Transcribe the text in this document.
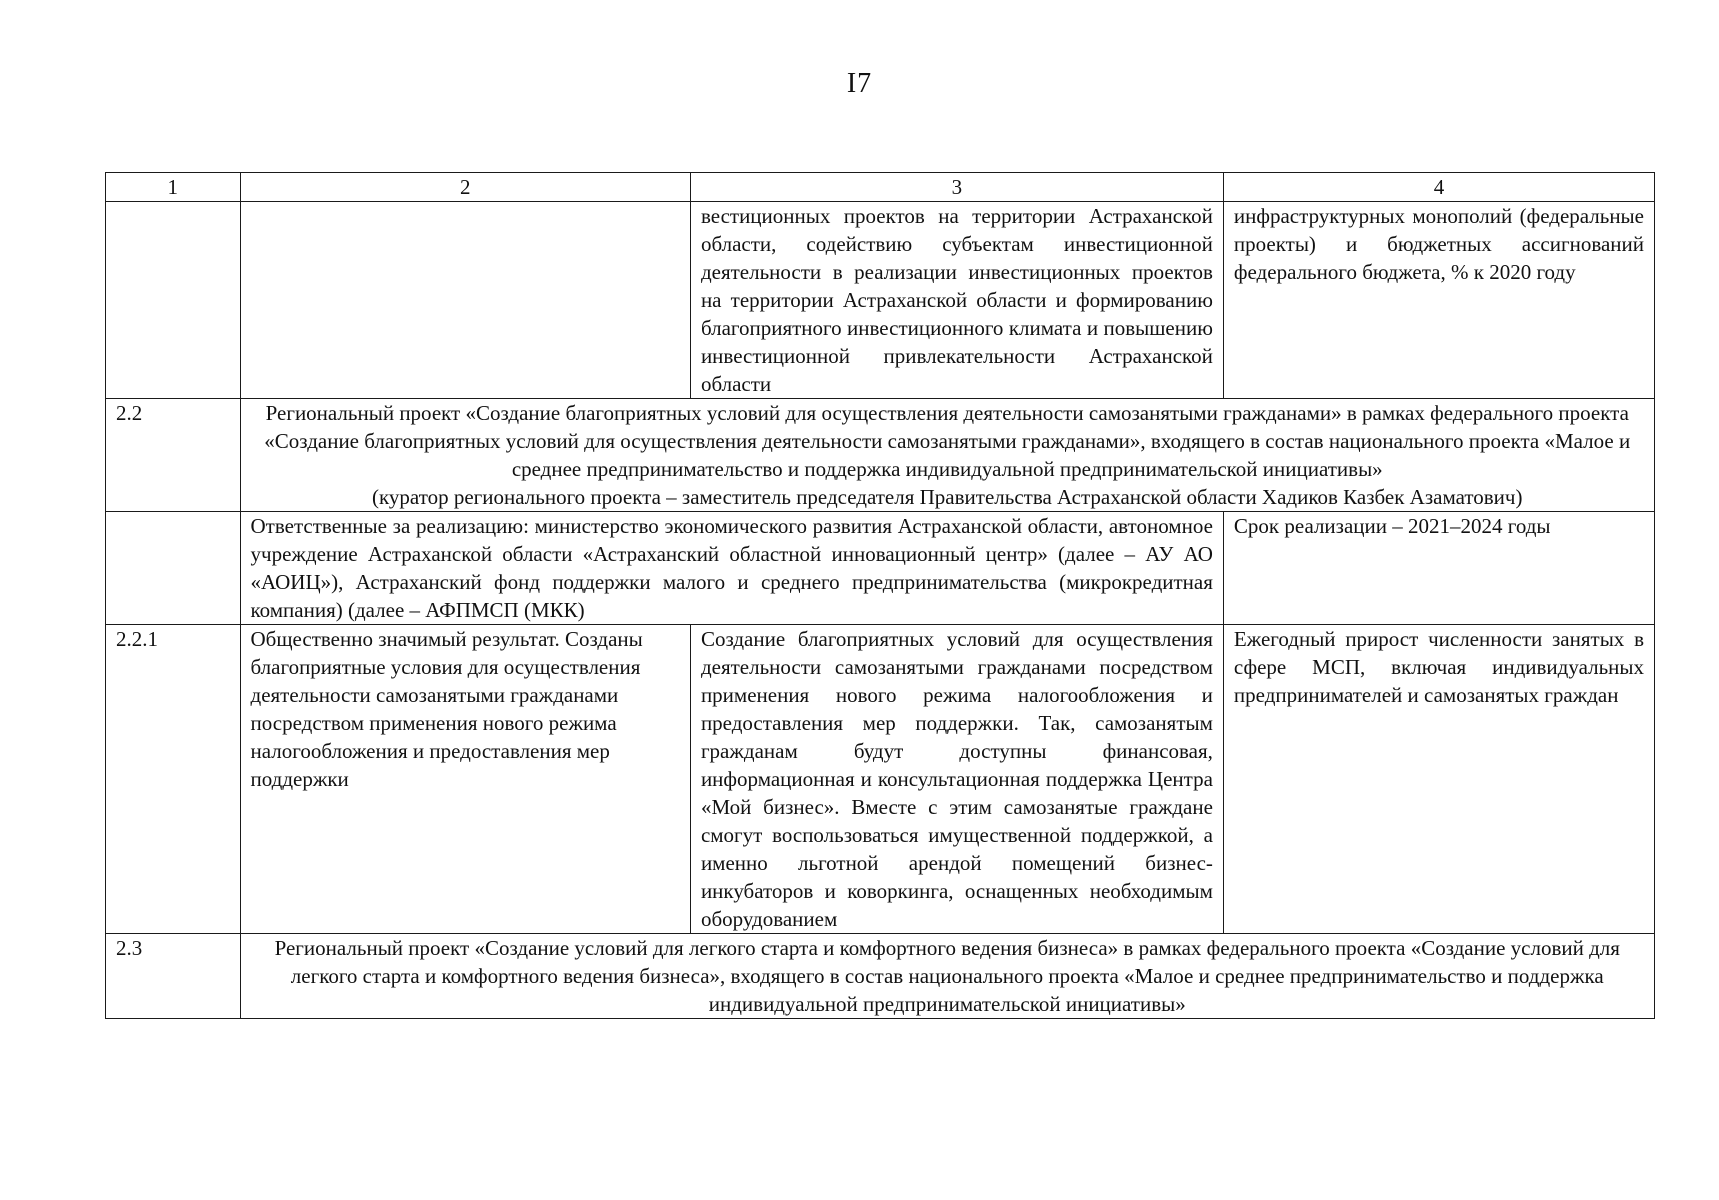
I7
1	2	3	4
		вестиционных проектов на территории Астраханской области, содействию субъектам инвестиционной деятельности в реализации инвестиционных проектов на территории Астраханской области и формированию благоприятного инвестиционного климата и повышению инвестиционной привлекательности Астраханской области	инфраструктурных монополий (федеральные проекты) и бюджетных ассигнований федерального бюджета, % к 2020 году
2.2	Региональный проект «Создание благоприятных условий для осуществления деятельности самозанятыми гражданами» в рамках федерального проекта «Создание благоприятных условий для осуществления деятельности самозанятыми гражданами», входящего в состав национального проекта «Малое и среднее предпринимательство и поддержка индивидуальной предпринимательской инициативы»
(куратор регионального проекта – заместитель председателя Правительства Астраханской области Хадиков Казбек Азаматович)		

	Ответственные за реализацию: министерство экономического развития Астраханской области, автономное учреждение Астраханской области «Астраханский областной инновационный центр» (далее – АУ АО «АОИЦ»), Астраханский фонд поддержки малого и среднего предпринимательства (микрокредитная компания) (далее – АФПМСП (МКК)		Срок реализации – 2021–2024 годы
2.2.1	Общественно значимый результат. Созданы благоприятные условия для осуществления деятельности самозанятыми гражданами посредством применения нового режима налогообложения и предоставления мер поддержки	Создание благоприятных условий для осуществления деятельности самозанятыми гражданами посредством применения нового режима налогообложения и предоставления мер поддержки. Так, самозанятым гражданам будут доступны финансовая, информационная и консультационная поддержка Центра «Мой бизнес». Вместе с этим самозанятые граждане смогут воспользоваться имущественной поддержкой, а именно льготной арендой помещений бизнес-инкубаторов и коворкинга, оснащенных необходимым оборудованием	Ежегодный прирост численности занятых в сфере МСП, включая индивидуальных предпринимателей и самозанятых граждан
2.3	Региональный проект «Создание условий для легкого старта и комфортного ведения бизнеса» в рамках федерального проекта «Создание условий для легкого старта и комфортного ведения бизнеса», входящего в состав национального проекта «Малое и среднее предпринимательство и поддержка индивидуальной предпринимательской инициативы»		
